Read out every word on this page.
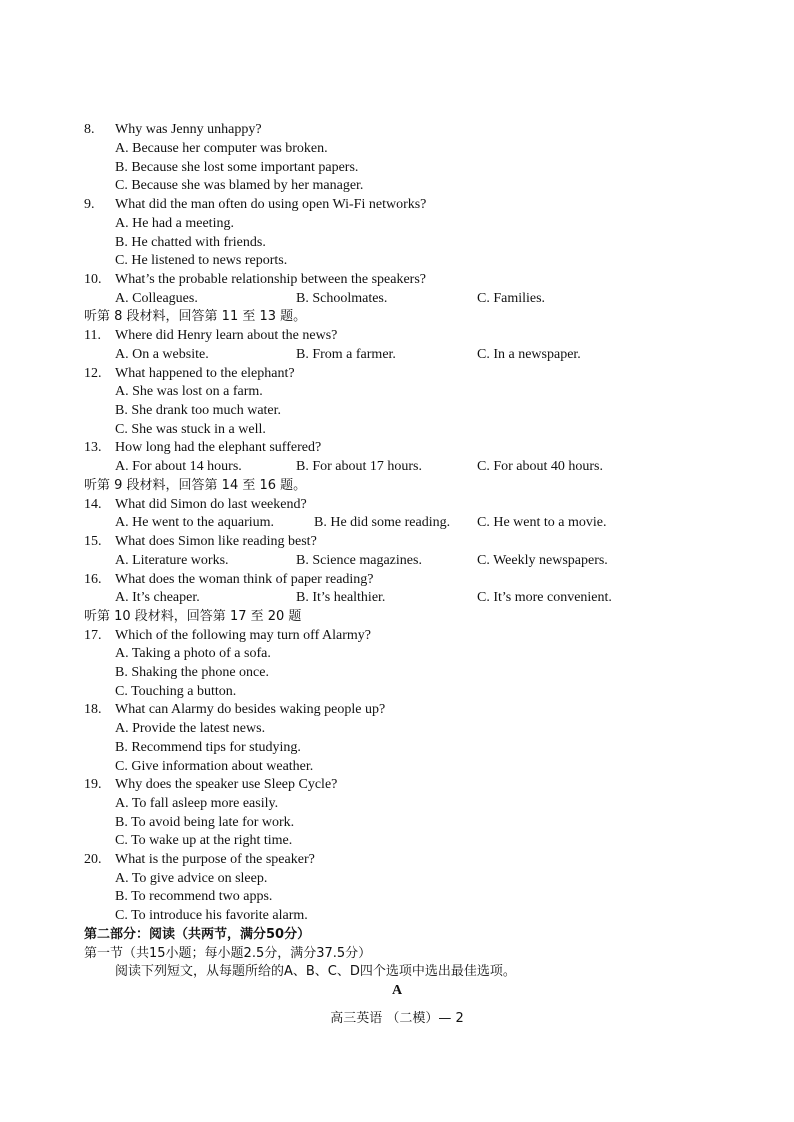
8. Why was Jenny unhappy?
A. Because her computer was broken.
B. Because she lost some important papers.
C. Because she was blamed by her manager.
9. What did the man often do using open Wi-Fi networks?
A. He had a meeting.
B. He chatted with friends.
C. He listened to news reports.
10. What’s the probable relationship between the speakers?
A. Colleagues.	B. Schoolmates.	C. Families.
听第 8 段材料，回答第 11 至 13 题。
11. Where did Henry learn about the news?
A. On a website.	B. From a farmer.	C. In a newspaper.
12. What happened to the elephant?
A. She was lost on a farm.
B. She drank too much water.
C. She was stuck in a well.
13. How long had the elephant suffered?
A. For about 14 hours.	B. For about 17 hours.	C. For about 40 hours.
听第 9 段材料，回答第 14 至 16 题。
14. What did Simon do last weekend?
A. He went to the aquarium.	B. He did some reading. C. He went to a movie.
15. What does Simon like reading best?
A. Literature works.	B. Science magazines.	C. Weekly newspapers.
16. What does the woman think of paper reading?
A. It’s cheaper.	B. It’s healthier.	C. It’s more convenient.
听第 10 段材料，回答第 17 至 20 题
17. Which of the following may turn off Alarmy?
A. Taking a photo of a sofa.
B. Shaking the phone once.
C. Touching a button.
18. What can Alarmy do besides waking people up?
A. Provide the latest news.
B. Recommend tips for studying.
C. Give information about weather.
19. Why does the speaker use Sleep Cycle?
A. To fall asleep more easily.
B. To avoid being late for work.
C. To wake up at the right time.
20. What is the purpose of the speaker?
A. To give advice on sleep.
B. To recommend two apps.
C. To introduce his favorite alarm.
第二部分：阅读（共两节，满分50分）
第一节（共15小题；每小题2.5分，满分37.5分）
阅读下列短文，从每题所给的A、B、C、D四个选项中选出最佳选项。
A
高三英语 （二模）— 2
